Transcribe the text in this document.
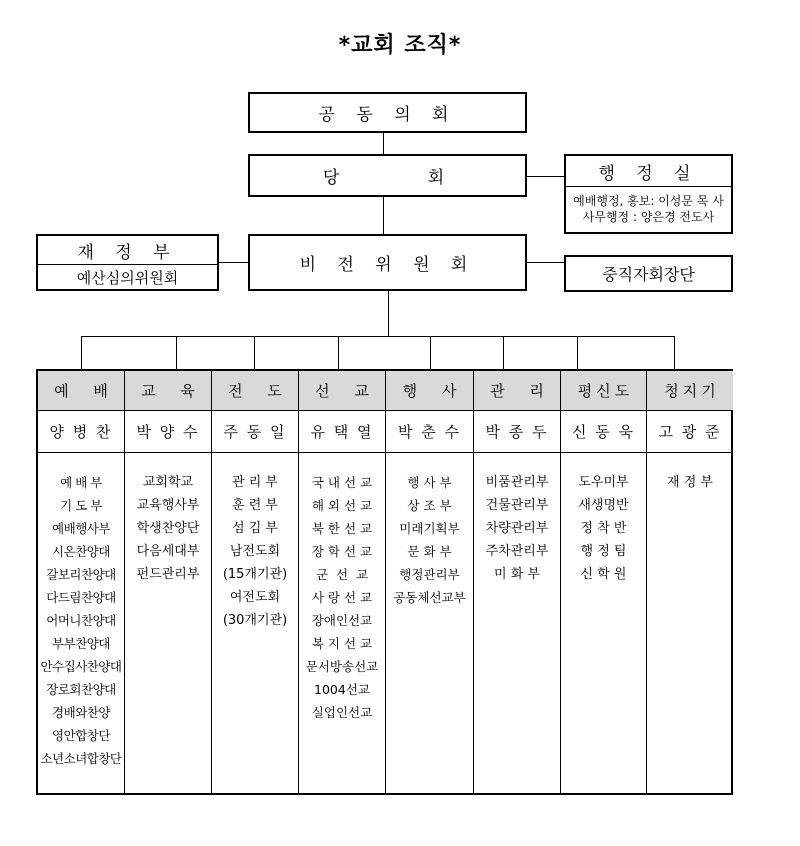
*교회 조직*
공 동 의 회
당      회	행 정 실
예배행정, 홍보: 이성문 목 사
사무행정 : 양은경 전도사
재 정 부
예산심의위원회
비 전 위 원 회	중직자회장단
예 배
양 병 찬
예 배 부
기 도 부
예배행사부
시온찬양대
갈보리찬양대
다드림찬양대
어머니찬양대
부부찬양대
안수집사찬양대
장로회찬양대
경배와찬양
영안합창단
소년소녀합창단
교 육
박 양 수
교회학교
교육행사부
학생찬양단
다음세대부
펀드관리부
전 도
주 동 일
관 리 부
훈 련 부
섬 김 부
남전도회
(15개기관)
여전도회
(30개기관)
선 교
유 택 열
국 내 선 교
해 외 선 교
북 한 선 교
장 학 선 교
군  선  교
사 랑 선 교
장애인선교
복 지 선 교
문서방송선교
1004선교
실업인선교
행 사
박 춘 수
행 사 부
상 조 부
미래기획부
문 화 부
행정관리부
공동체선교부
관 리
박 종 두
비품관리부
건물관리부
차량관리부
주차관리부
미 화 부
평신도
신 동 욱
도우미부
새생명반
정 착 반
행 정 팀
신 학 원
청지기
고 광 준
재 정 부
